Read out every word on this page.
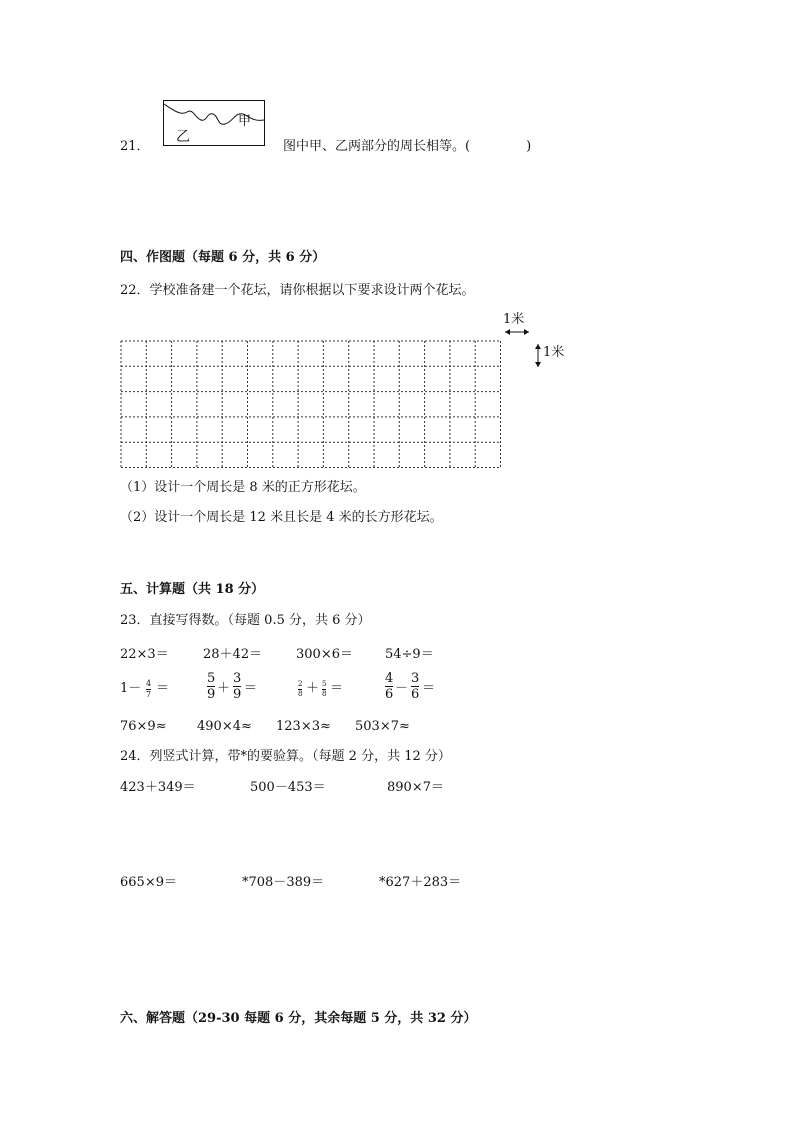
21．
乙
甲
图中甲、乙两部分的周长相等。(	)
四、作图题（每题 6 分，共 6 分）
22．学校准备建一个花坛，请你根据以下要求设计两个花坛。
1米
1米
（1）设计一个周长是 8 米的正方形花坛。
（2）设计一个周长是 12 米且长是 4 米的长方形花坛。
五、计算题（共 18 分）
23．直接写得数。（每题 0.5 分，共 6 分）
22×3＝	28＋42＝	300×6＝ 54÷9＝
1－ 4
7 ＝
5
9 ＋
3
9 ＝	2
8 ＋ 5
8 ＝
4
6 －
3
6 ＝
76×9≈ 490×4≈ 123×3≈ 503×7≈
24．列竖式计算，带*的要验算。（每题 2 分，共 12 分）
423＋349＝	500－453＝	890×7＝
665×9＝	*708－389＝	*627＋283＝
六、解答题（29-30 每题 6 分，其余每题 5 分，共 32 分）
